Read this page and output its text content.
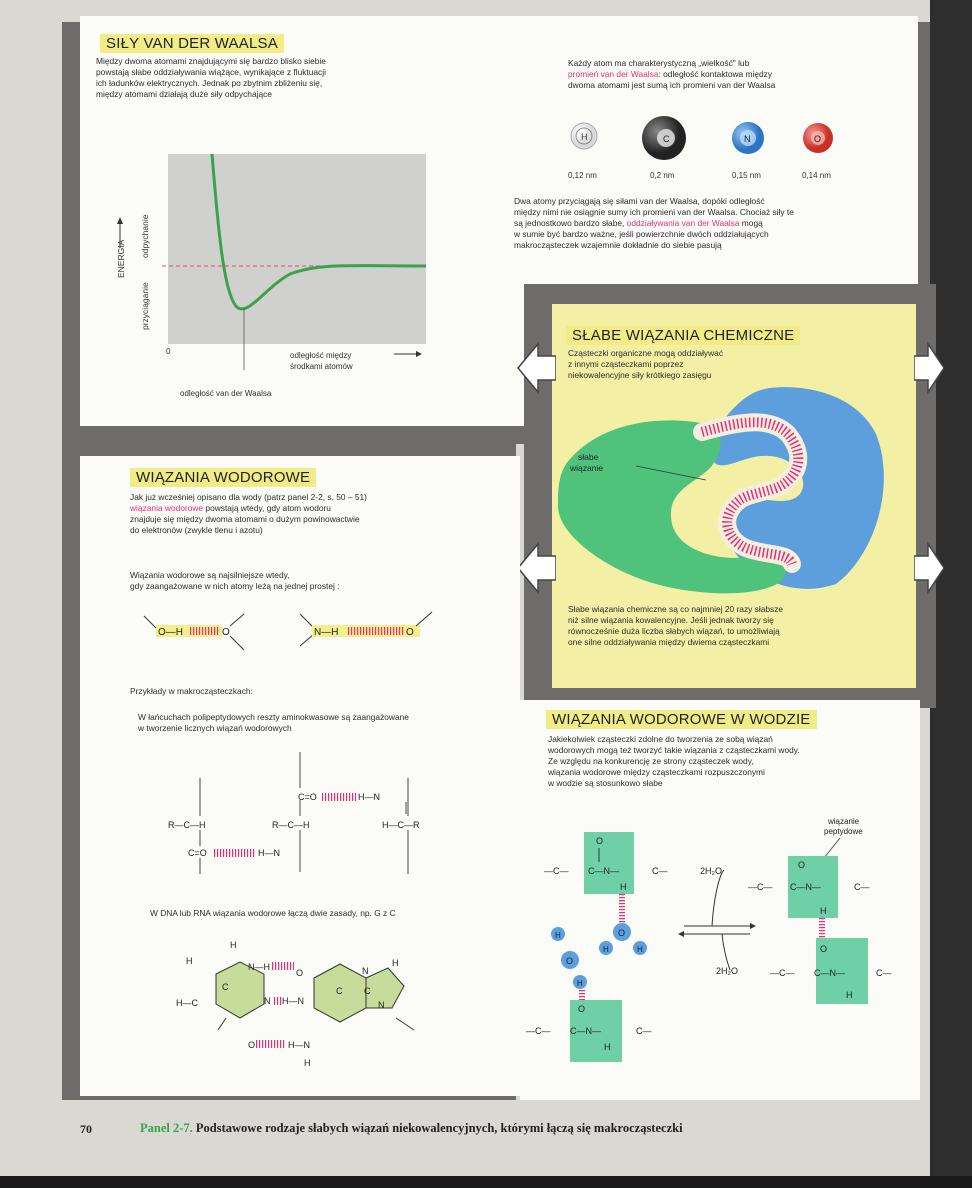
SIŁY VAN DER WAALSA
Między dwoma atomami znajdującymi się bardzo blisko siebie
powstają słabe oddziaływania wiążące, wynikające z fluktuacji
ich ładunków elektrycznych. Jednak po zbytnim zbliżeniu się,
między atomami działają duże siły odpychające
0	odległość między
środkami atomów
odległość van der Waalsa
ENERGIA
przyciąganie
odpychanie
Każdy atom ma charakterystyczną „wielkość" lub
promień van der Waalsa: odległość kontaktowa między
dwoma atomami jest sumą ich promieni van der Waalsa
H	C	N	O
0,12 nm	0,2 nm	0,15 nm	0,14 nm
Dwa atomy przyciągają się siłami van der Waalsa, dopóki odległość
między nimi nie osiągnie sumy ich promieni van der Waalsa. Chociaż siły te
są jednostkowo bardzo słabe, oddziaływania van der Waalsa mogą
w sumie być bardzo ważne, jeśli powierzchnie dwóch oddziałujących
makrocząsteczek wzajemnie dokładnie do siebie pasują
SŁABE WIĄZANIA CHEMICZNE
Cząsteczki organiczne mogą oddziaływać
z innymi cząsteczkami poprzez
niekowalencyjne siły krótkiego zasięgu
słabe
wiązanie
Słabe wiązania chemiczne są co najmniej 20 razy słabsze
niż silne wiązania kowalencyjne. Jeśli jednak tworzy się
równocześnie duża liczba słabych wiązań, to umożliwiają
one silne oddziaływania między dwiema cząsteczkami
WIĄZANIA WODOROWE
Jak już wcześniej opisano dla wody (patrz panel 2-2, s. 50 – 51)
wiązania wodorowe powstają wtedy, gdy atom wodoru
znajduje się między dwoma atomami o dużym powinowactwie
do elektronów (zwykle tlenu i azotu)
Wiązania wodorowe są najsilniejsze wtedy,
gdy zaangażowane w nich atomy leżą na jednej prostej :
O—H	O	N—H	O
Przykłady w makrocząsteczkach:
W łańcuchach polipeptydowych reszty aminokwasowe są zaangażowane
w tworzenie licznych wiązań wodorowych
R—C—H	R—C—H	H—C—R
C=O	H—N
C=O	H—N
W DNA lub RNA wiązania wodorowe łączą dwie zasady, np. G z C
H
H
N—H
O
H—C	N H—N
O	H—N
H
H
N
N
C
C
C
WIĄZANIA WODOROWE W WODZIE
Jakiekolwiek cząsteczki zdolne do tworzenia ze sobą wiązań
wodorowych mogą też tworzyć takie wiązania z cząsteczkami wody.
Ze względu na konkurencję ze strony cząsteczek wody,
wiązania wodorowe między cząsteczkami rozpuszczonymi
w wodzie są stosunkowo słabe
O
—C— C—N—	C—
H
O
H	H
H
O
H
O
—C— C—N—	C—
H
2H₂O
2H₂O
wiązanie
peptydowe
O
—C— C—N—	C—
H
O
—C— C—N—	C—
H
70	Panel 2-7. Podstawowe rodzaje słabych wiązań niekowalencyjnych, którymi łączą się makrocząsteczki
